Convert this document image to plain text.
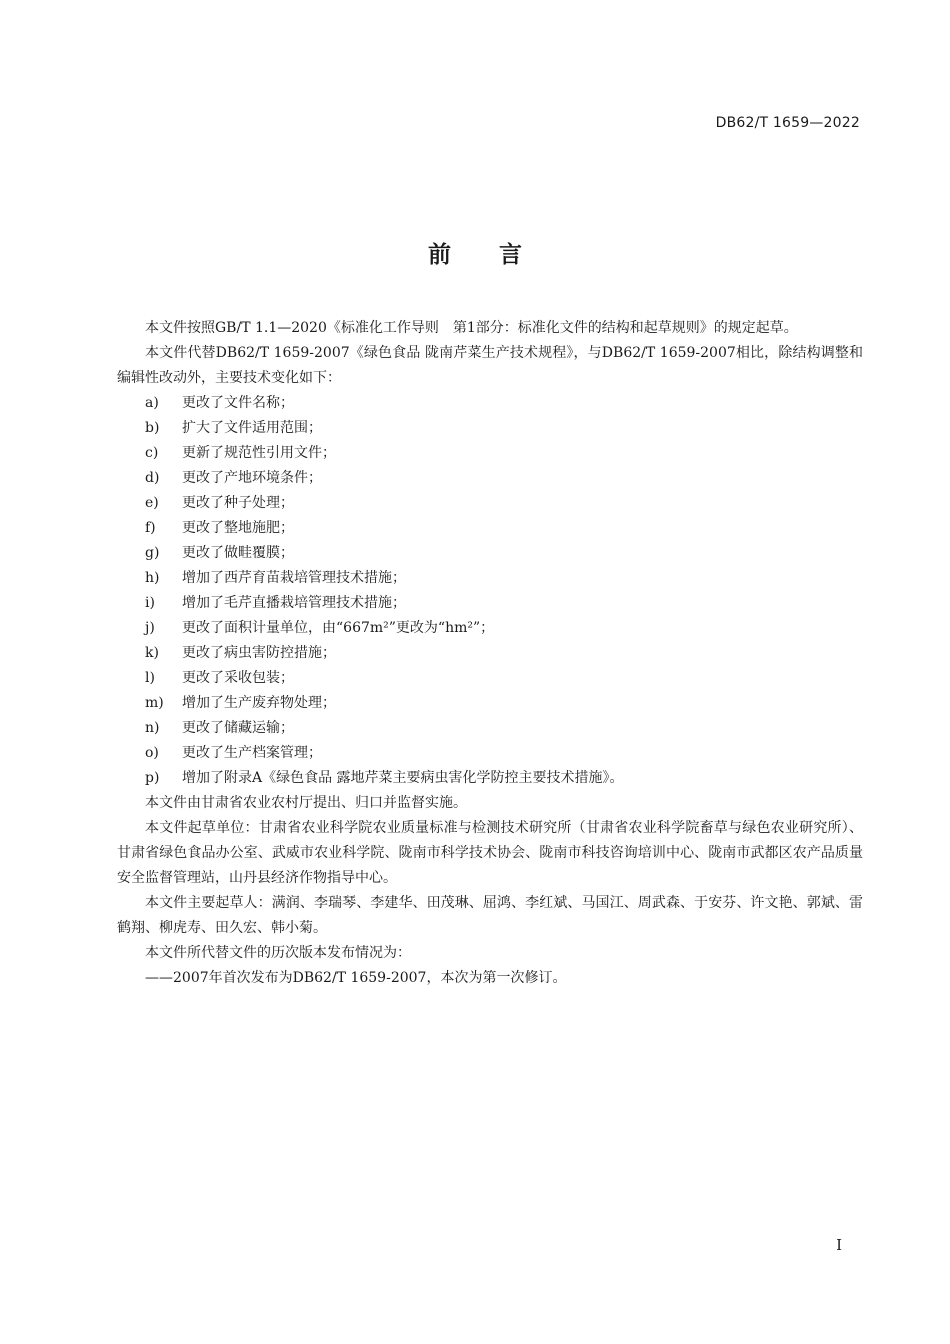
DB62/T 1659—2022
前言

本文件按照GB/T 1.1—2020《标准化工作导则　第1部分：标准化文件的结构和起草规则》的规定起草。

本文件代替DB62/T 1659-2007《绿色食品 陇南芹菜生产技术规程》，与DB62/T 1659-2007相比，除结构调整和编辑性改动外，主要技术变化如下：

a) 更改了文件名称；
b) 扩大了文件适用范围；
c) 更新了规范性引用文件；
d) 更改了产地环境条件；
e) 更改了种子处理；
f) 更改了整地施肥；
g) 更改了做畦覆膜；
h) 增加了西芹育苗栽培管理技术措施；
i) 增加了毛芹直播栽培管理技术措施；
j) 更改了面积计量单位，由“667m²”更改为“hm²”；
k) 更改了病虫害防控措施；
l) 更改了采收包装；
m) 增加了生产废弃物处理；
n) 更改了储藏运输；
o) 更改了生产档案管理；
p) 增加了附录A《绿色食品 露地芹菜主要病虫害化学防控主要技术措施》。

本文件由甘肃省农业农村厅提出、归口并监督实施。

本文件起草单位：甘肃省农业科学院农业质量标准与检测技术研究所（甘肃省农业科学院畜草与绿色农业研究所）、甘肃省绿色食品办公室、武威市农业科学院、陇南市科学技术协会、陇南市科技咨询培训中心、陇南市武都区农产品质量安全监督管理站，山丹县经济作物指导中心。

本文件主要起草人：满润、李瑞琴、李建华、田茂琳、屈鸿、李红斌、马国江、周武森、于安芬、许文艳、郭斌、雷鹤翔、柳虎寿、田久宏、韩小菊。

本文件所代替文件的历次版本发布情况为：

——2007年首次发布为DB62/T 1659-2007，本次为第一次修订。

I
